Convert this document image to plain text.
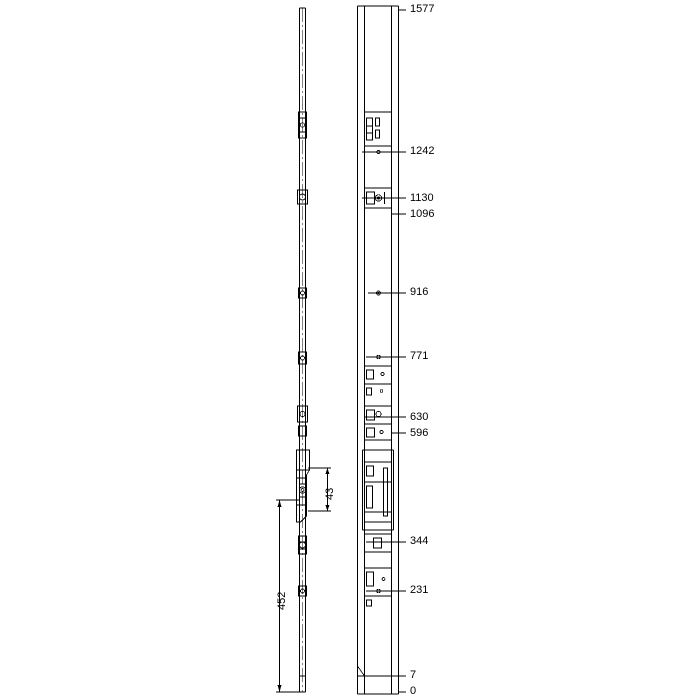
1577
1242
1130
1096
916
771
630
596
344
231
7
0
43
452
